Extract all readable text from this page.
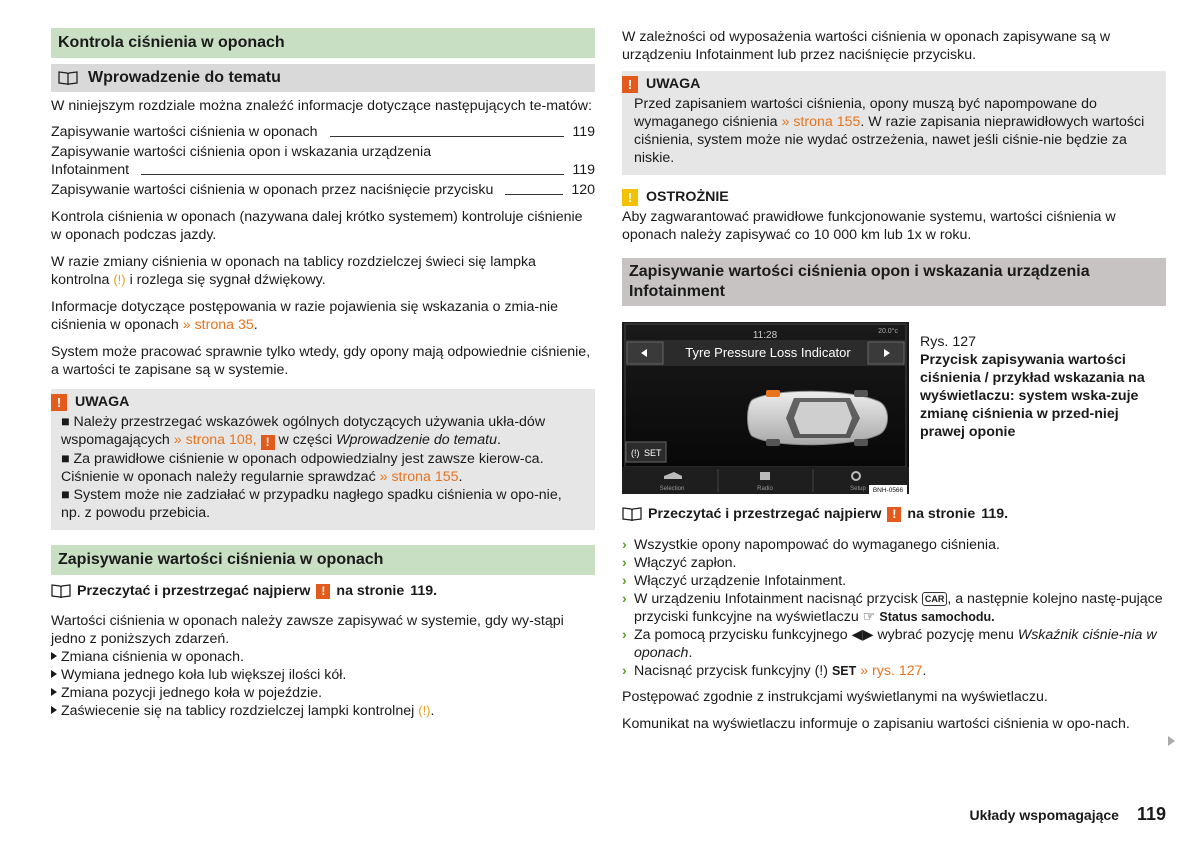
Kontrola ciśnienia w oponach
Wprowadzenie do tematu

W niniejszym rozdziale można znaleźć informacje dotyczące następujących te-matów:

Zapisywanie wartości ciśnienia w oponach	119
Zapisywanie wartości ciśnienia opon i wskazania urządzenia
Infotainment	119
Zapisywanie wartości ciśnienia w oponach przez naciśnięcie przycisku	120

Kontrola ciśnienia w oponach (nazywana dalej krótko systemem) kontroluje ciśnienie w oponach podczas jazdy.

W razie zmiany ciśnienia w oponach na tablicy rozdzielczej świeci się lampka kontrolna (!) i rozlega się sygnał dźwiękowy.

Informacje dotyczące postępowania w razie pojawienia się wskazania o zmia-nie ciśnienia w oponach » strona 35.

System może pracować sprawnie tylko wtedy, gdy opony mają odpowiednie ciśnienie, a wartości te zapisane są w systemie.

! UWAGA

■ Należy przestrzegać wskazówek ogólnych dotyczących używania ukła-dów wspomagających » strona 108, ! w części Wprowadzenie do tematu.

■ Za prawidłowe ciśnienie w oponach odpowiedzialny jest zawsze kierow-ca. Ciśnienie w oponach należy regularnie sprawdzać » strona 155.

■ System może nie zadziałać w przypadku nagłego spadku ciśnienia w opo-nie, np. z powodu przebicia.

Zapisywanie wartości ciśnienia w oponach
Przeczytać i przestrzegać najpierw ! na stronie 119.

Wartości ciśnienia w oponach należy zawsze zapisywać w systemie, gdy wy-stąpi jedno z poniższych zdarzeń.

Zmiana ciśnienia w oponach.
Wymiana jednego koła lub większej ilości kół.
Zmiana pozycji jednego koła w pojeździe.
Zaświecenie się na tablicy rozdzielczej lampki kontrolnej (!).

W zależności od wyposażenia wartości ciśnienia w oponach zapisywane są w urządzeniu Infotainment lub przez naciśnięcie przycisku.

! UWAGA

Przed zapisaniem wartości ciśnienia, opony muszą być napompowane do wymaganego ciśnienia » strona 155. W razie zapisania nieprawidłowych wartości ciśnienia, system może nie wydać ostrzeżenia, nawet jeśli ciśnie-nie będzie za niskie.

! OSTROŻNIE

Aby zagwarantować prawidłowe funkcjonowanie systemu, wartości ciśnienia w oponach należy zapisywać co 10 000 km lub 1x w roku.

Zapisywanie wartości ciśnienia opon i wskazania urządzenia Infotainment
11:28	20.0°c
Tyre Pressure Loss Indicator
(!) SET
Selection	Radio	Setup BNH-0566
Rys. 127
Przycisk zapisywania wartości ciśnienia / przykład wskazania na wyświetlaczu: system wska-zuje zmianę ciśnienia w przed-niej prawej oponie
Przeczytać i przestrzegać najpierw ! na stronie 119.
› Wszystkie opony napompować do wymaganego ciśnienia.
› Włączyć zapłon.
› Włączyć urządzenie Infotainment.
› W urządzeniu Infotainment nacisnąć przycisk CAR , a następnie kolejno nastę-pujące przyciski funkcyjne na wyświetlaczu ☞ Status samochodu.
› Za pomocą przycisku funkcyjnego ◀▶ wybrać pozycję menu Wskaźnik ciśnie-nia w oponach.
› Nacisnąć przycisk funkcyjny (!) SET » rys. 127.

Postępować zgodnie z instrukcjami wyświetlanymi na wyświetlaczu.

Komunikat na wyświetlaczu informuje o zapisaniu wartości ciśnienia w opo-nach.

Układy wspomagające 119
